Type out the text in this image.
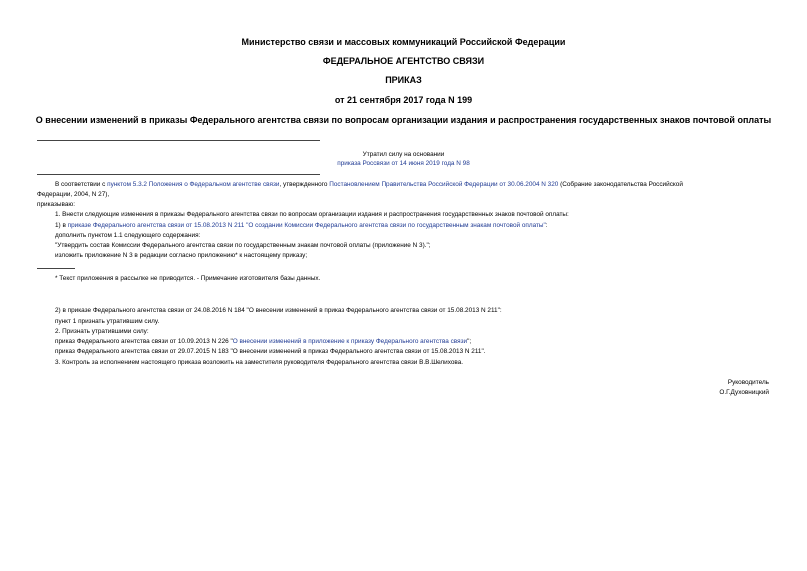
Министерство связи и массовых коммуникаций Российской Федерации
ФЕДЕРАЛЬНОЕ АГЕНТСТВО СВЯЗИ
ПРИКАЗ
от 21 сентября 2017 года N 199
О внесении изменений в приказы Федерального агентства связи по вопросам организации издания и распространения государственных знаков почтовой оплаты
Утратил силу на основании
приказа Россвязи от 14 июня 2019 года N 98
В соответствии с пунктом 5.3.2 Положения о Федеральном агентстве связи, утвержденного Постановлением Правительства Российской Федерации от 30.06.2004 N 320 (Собрание законодательства Российской
Федерации, 2004, N 27),
приказываю:
1. Внести следующие изменения в приказы Федерального агентства связи по вопросам организации издания и распространения государственных знаков почтовой оплаты:
1) в приказе Федерального агентства связи от 15.08.2013 N 211 "О создании Комиссии Федерального агентства связи по государственным знакам почтовой оплаты":
дополнить пунктом 1.1 следующего содержания:
"Утвердить состав Комиссии Федерального агентства связи по государственным знакам почтовой оплаты (приложение N 3).";
изложить приложение N 3 в редакции согласно приложению* к настоящему приказу;
* Текст приложения в рассылке не приводится. - Примечание изготовителя базы данных.
2) в приказе Федерального агентства связи от 24.08.2016 N 184 "О внесении изменений в приказ Федерального агентства связи от 15.08.2013 N 211":
пункт 1 признать утратившим силу.
2. Признать утратившими силу:
приказ Федерального агентства связи от 10.09.2013 N 226 "О внесении изменений в приложение к приказу Федерального агентства связи";
приказ Федерального агентства связи от 29.07.2015 N 183 "О внесении изменений в приказ Федерального агентства связи от 15.08.2013 N 211".
3. Контроль за исполнением настоящего приказа возложить на заместителя руководителя Федерального агентства связи В.В.Шелихова.
Руководитель
О.Г.Духовницкий
